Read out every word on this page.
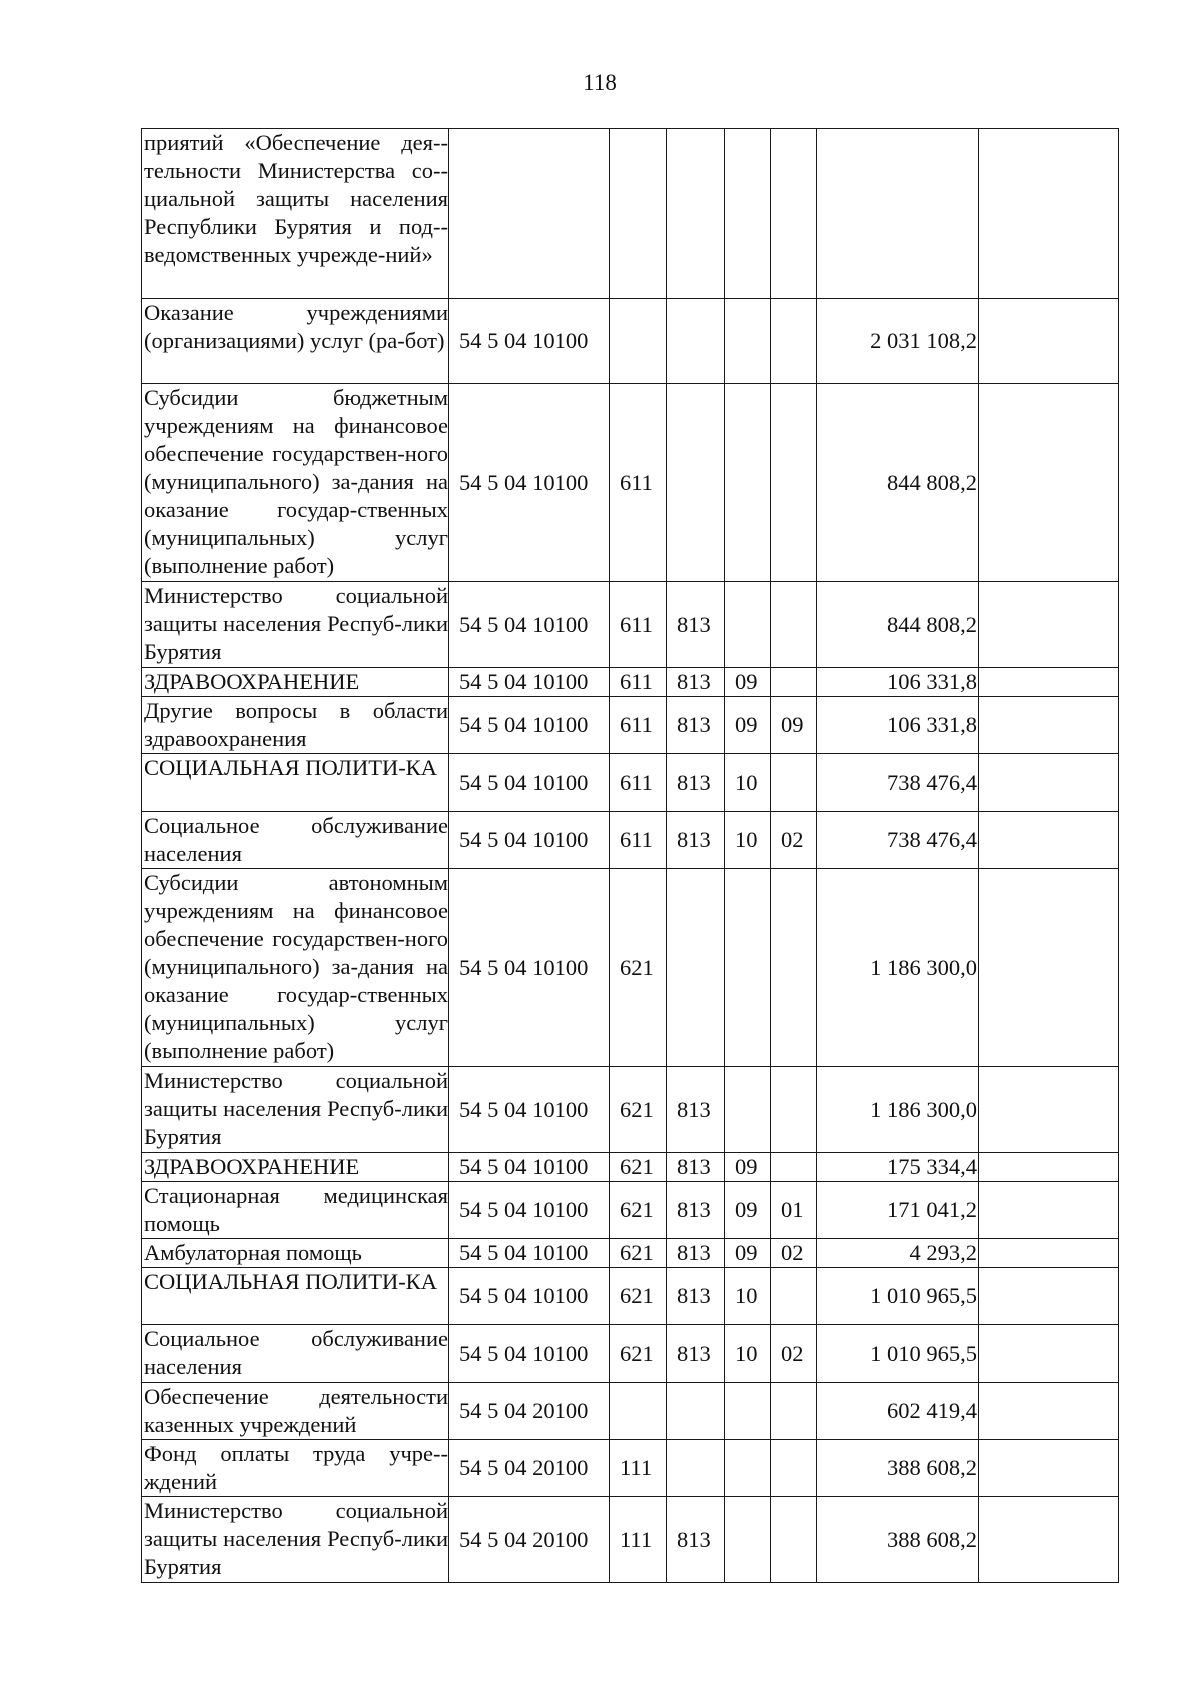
118
приятий «Обеспечение дея-тельности Министерства со-циальной защиты населения Республики Бурятия и под-ведомственных учрежде-ний»							
Оказание учреждениями (организациями) услуг (ра-бот)	54 5 04 10100					2 031 108,2	
Субсидии бюджетным учреждениям на финансовое обеспечение государствен-ного (муниципального) за-дания на оказание государ-ственных (муниципальных) услуг (выполнение работ)	54 5 04 10100	611				844 808,2	
Министерство социальной защиты населения Респуб-лики Бурятия	54 5 04 10100	611	813			844 808,2	
ЗДРАВООХРАНЕНИЕ	54 5 04 10100	611	813	09		106 331,8	
Другие вопросы в области здравоохранения	54 5 04 10100	611	813	09	09	106 331,8	
СОЦИАЛЬНАЯ ПОЛИТИ-КА	54 5 04 10100	611	813	10		738 476,4	
Социальное обслуживание населения	54 5 04 10100	611	813	10	02	738 476,4	
Субсидии автономным учреждениям на финансовое обеспечение государствен-ного (муниципального) за-дания на оказание государ-ственных (муниципальных) услуг (выполнение работ)	54 5 04 10100	621				1 186 300,0	
Министерство социальной защиты населения Респуб-лики Бурятия	54 5 04 10100	621	813			1 186 300,0	
ЗДРАВООХРАНЕНИЕ	54 5 04 10100	621	813	09		175 334,4	
Стационарная медицинская помощь	54 5 04 10100	621	813	09	01	171 041,2	
Амбулаторная помощь	54 5 04 10100	621	813	09	02	4 293,2	
СОЦИАЛЬНАЯ ПОЛИТИ-КА	54 5 04 10100	621	813	10		1 010 965,5	
Социальное обслуживание населения	54 5 04 10100	621	813	10	02	1 010 965,5	
Обеспечение деятельности казенных учреждений	54 5 04 20100					602 419,4	
Фонд оплаты труда учре-ждений	54 5 04 20100	111				388 608,2	
Министерство социальной защиты населения Респуб-лики Бурятия	54 5 04 20100	111	813			388 608,2	
